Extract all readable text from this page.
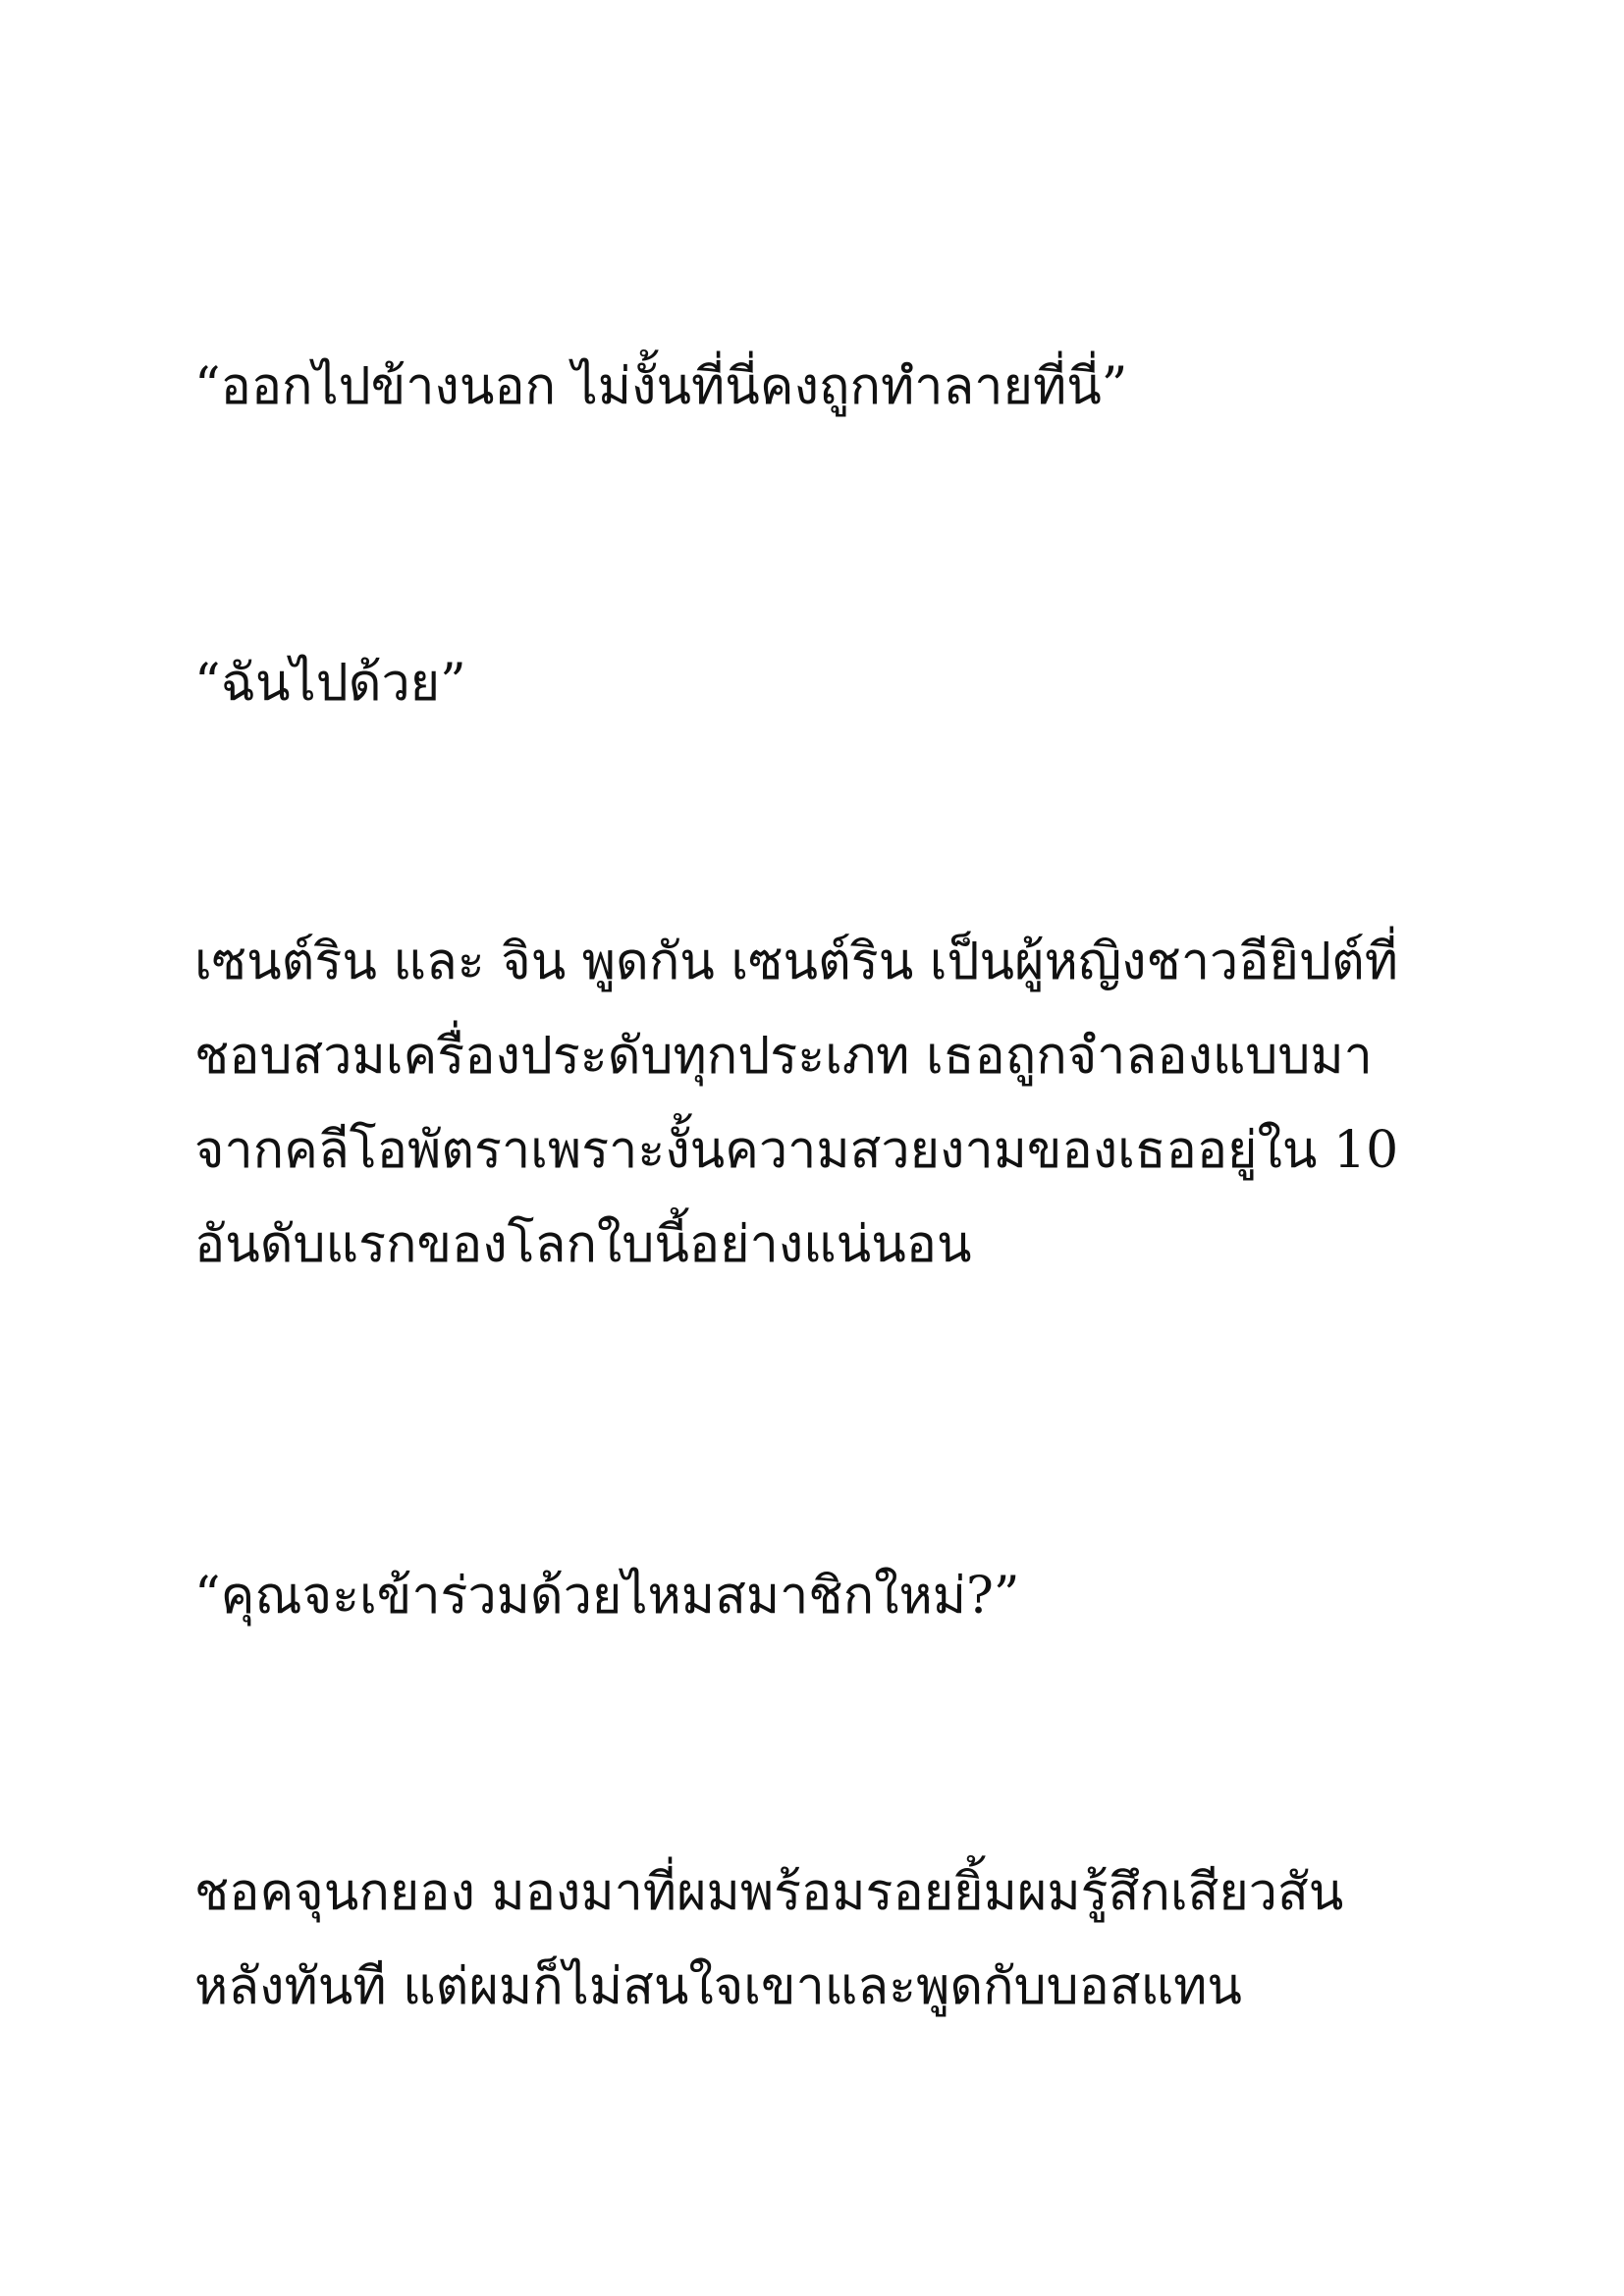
“ออกไปข้างนอก ไม่งั้นที่นี่คงถูกทำลายที่นี่”

“ฉันไปด้วย”

เซนต์ริน และ จิน พูดกัน เซนต์ริน เป็นผู้หญิงชาวอียิปต์ที่
ชอบสวมเครื่องประดับทุกประเภท เธอถูกจำลองแบบมา
จากคลีโอพัตราเพราะงั้นความสวยงามของเธออยู่ใน 10
อันดับแรกของโลกใบนี้อย่างแน่นอน

“คุณจะเข้าร่วมด้วยไหมสมาชิกใหม่?”

ชอคจุนกยอง มองมาที่ผมพร้อมรอยยิ้มผมรู้สึกเสียวสัน
หลังทันที แต่ผมก็ไม่สนใจเขาและพูดกับบอสแทน
